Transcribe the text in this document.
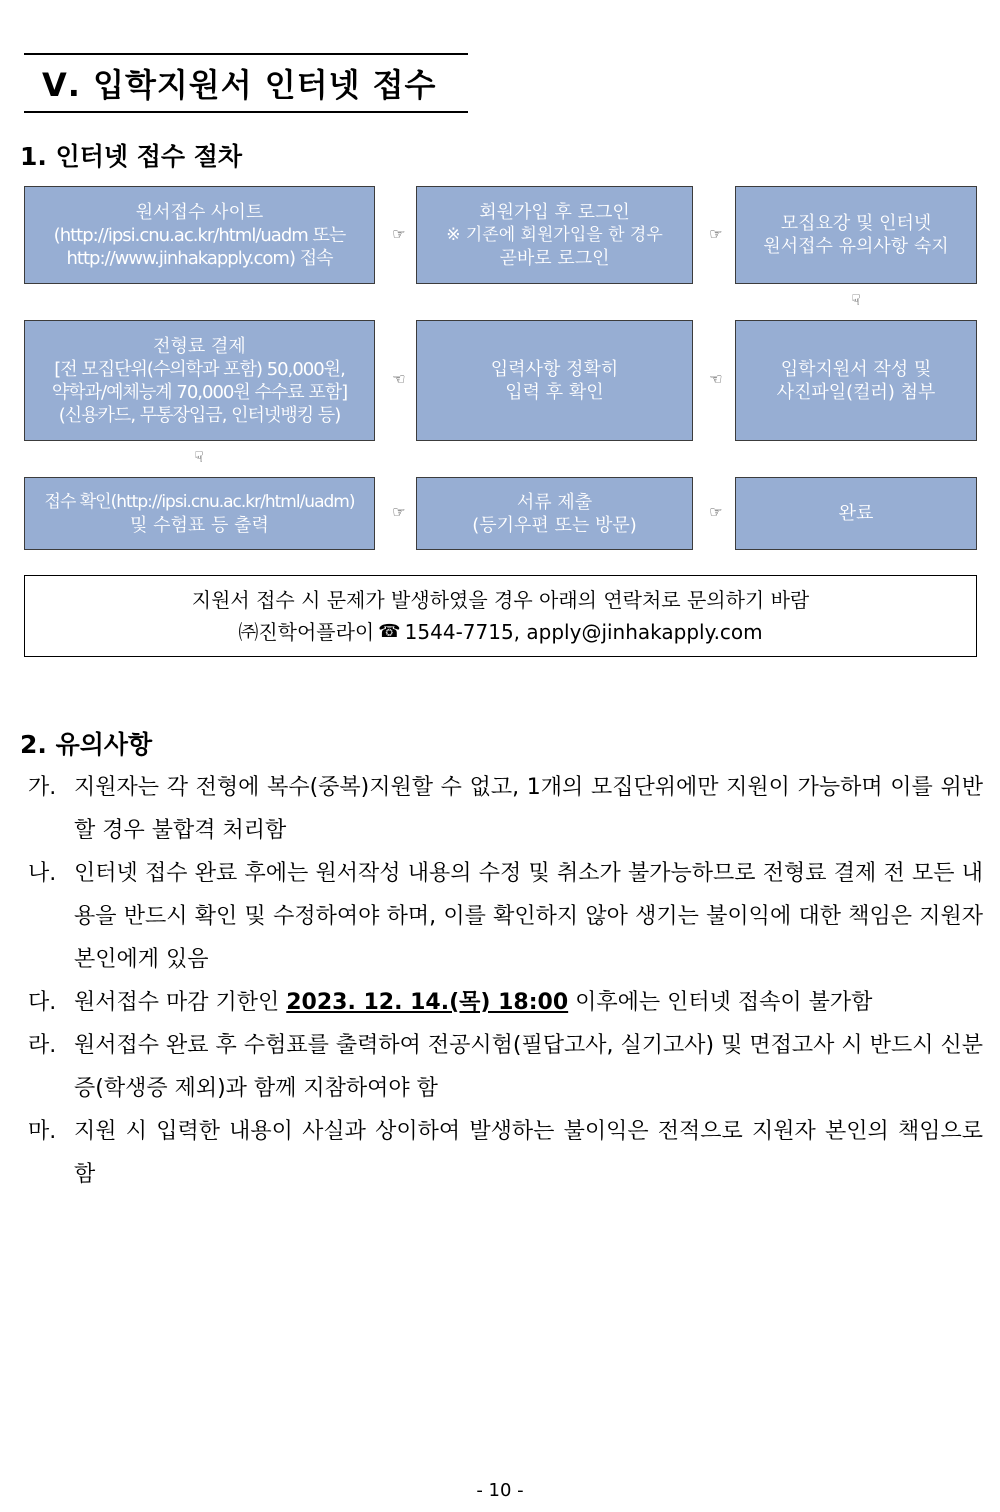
Ⅴ. 입학지원서 인터넷 접수
1. 인터넷 접수 절차
원서접수 사이트
(http://ipsi.cnu.ac.kr/html/uadm 또는
http://www.jinhakapply.com) 접속
☞
회원가입 후 로그인
※ 기존에 회원가입을 한 경우
곧바로 로그인
☞	모집요강 및 인터넷
원서접수 유의사항 숙지
☟
전형료 결제
[전 모집단위(수의학과 포함) 50,000원,
약학과/예체능계 70,000원 수수료 포함]
(신용카드, 무통장입금, 인터넷뱅킹 등)
☜	입력사항 정확히
입력 후 확인
☜	입학지원서 작성 및
사진파일(컬러) 첨부
☟
접수 확인(http://ipsi.cnu.ac.kr/html/uadm)
및 수험표 등 출력
☞	서류 제출
(등기우편 또는 방문)
☞	완료
지원서 접수 시 문제가 발생하였을 경우 아래의 연락처로 문의하기 바람
㈜진학어플라이 ☎ 1544-7715, apply@jinhakapply.com
2. 유의사항
가. 지원자는 각 전형에 복수(중복)지원할 수 없고, 1개의 모집단위에만 지원이 가능하며 이를 위반할 경우 불합격 처리함
나. 인터넷 접수 완료 후에는 원서작성 내용의 수정 및 취소가 불가능하므로 전형료 결제 전 모든 내용을 반드시 확인 및 수정하여야 하며, 이를 확인하지 않아 생기는 불이익에 대한 책임은 지원자 본인에게 있음
다. 원서접수 마감 기한인 2023. 12. 14.(목) 18:00 이후에는 인터넷 접속이 불가함
라. 원서접수 완료 후 수험표를 출력하여 전공시험(필답고사, 실기고사) 및 면접고사 시 반드시 신분증(학생증 제외)과 함께 지참하여야 함
마. 지원 시 입력한 내용이 사실과 상이하여 발생하는 불이익은 전적으로 지원자 본인의 책임으로 함
- 10 -
